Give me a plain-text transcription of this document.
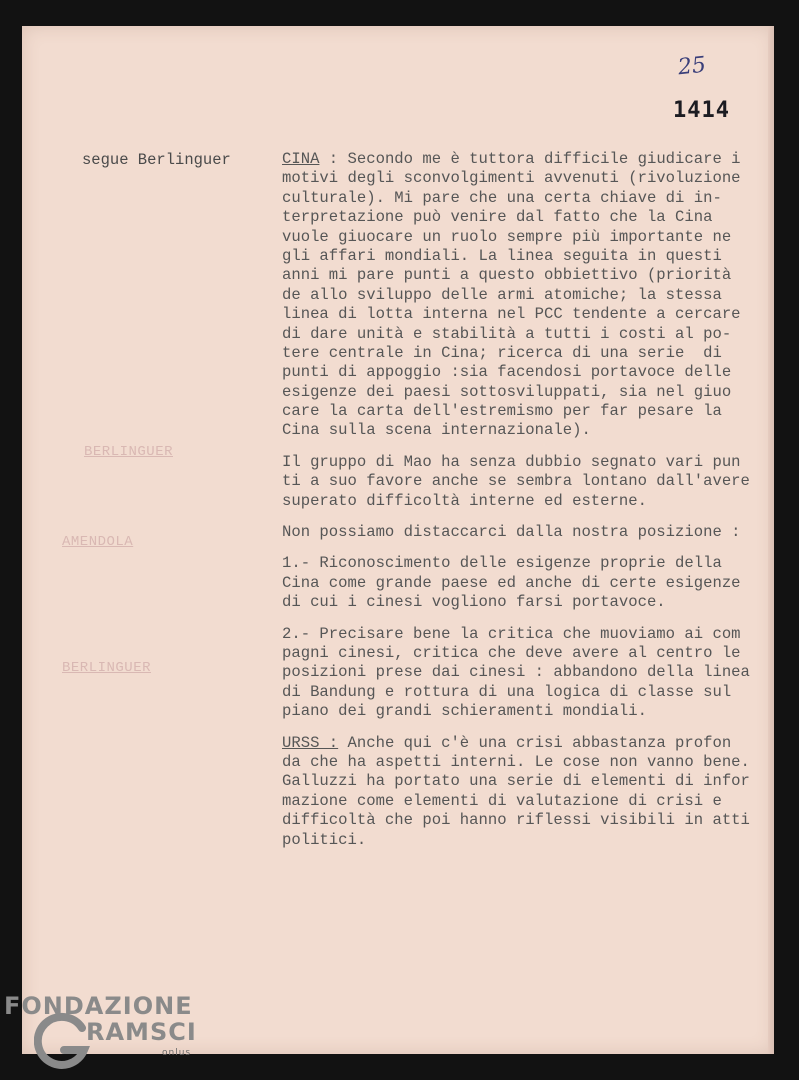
25
1414
segue Berlinguer
BERLINGUER
AMENDOLA
BERLINGUER
CINA : Secondo me è tuttora difficile giudicare i
motivi degli sconvolgimenti avvenuti (rivoluzione
culturale). Mi pare che una certa chiave di in-
terpretazione può venire dal fatto che la Cina
vuole giuocare un ruolo sempre più importante ne
gli affari mondiali. La linea seguita in questi
anni mi pare punti a questo obbiettivo (priorità
de allo sviluppo delle armi atomiche; la stessa
linea di lotta interna nel PCC tendente a cercare
di dare unità e stabilità a tutti i costi al po-
tere centrale in Cina; ricerca di una serie  di
punti di appoggio :sia facendosi portavoce delle
esigenze dei paesi sottosviluppati, sia nel giuo
care la carta dell'estremismo per far pesare la
Cina sulla scena internazionale).
Il gruppo di Mao ha senza dubbio segnato vari pun
ti a suo favore anche se sembra lontano dall'avere
superato difficoltà interne ed esterne.
Non possiamo distaccarci dalla nostra posizione :
1.- Riconoscimento delle esigenze proprie della
Cina come grande paese ed anche di certe esigenze
di cui i cinesi vogliono farsi portavoce.
2.- Precisare bene la critica che muoviamo ai com
pagni cinesi, critica che deve avere al centro le
posizioni prese dai cinesi : abbandono della linea
di Bandung e rottura di una logica di classe sul
piano dei grandi schieramenti mondiali.
URSS : Anche qui c'è una crisi abbastanza profon
da che ha aspetti interni. Le cose non vanno bene.
Galluzzi ha portato una serie di elementi di infor
mazione come elementi di valutazione di crisi e
difficoltà che poi hanno riflessi visibili in atti
politici.
FONDAZIONE
RAMSCI
onlus
